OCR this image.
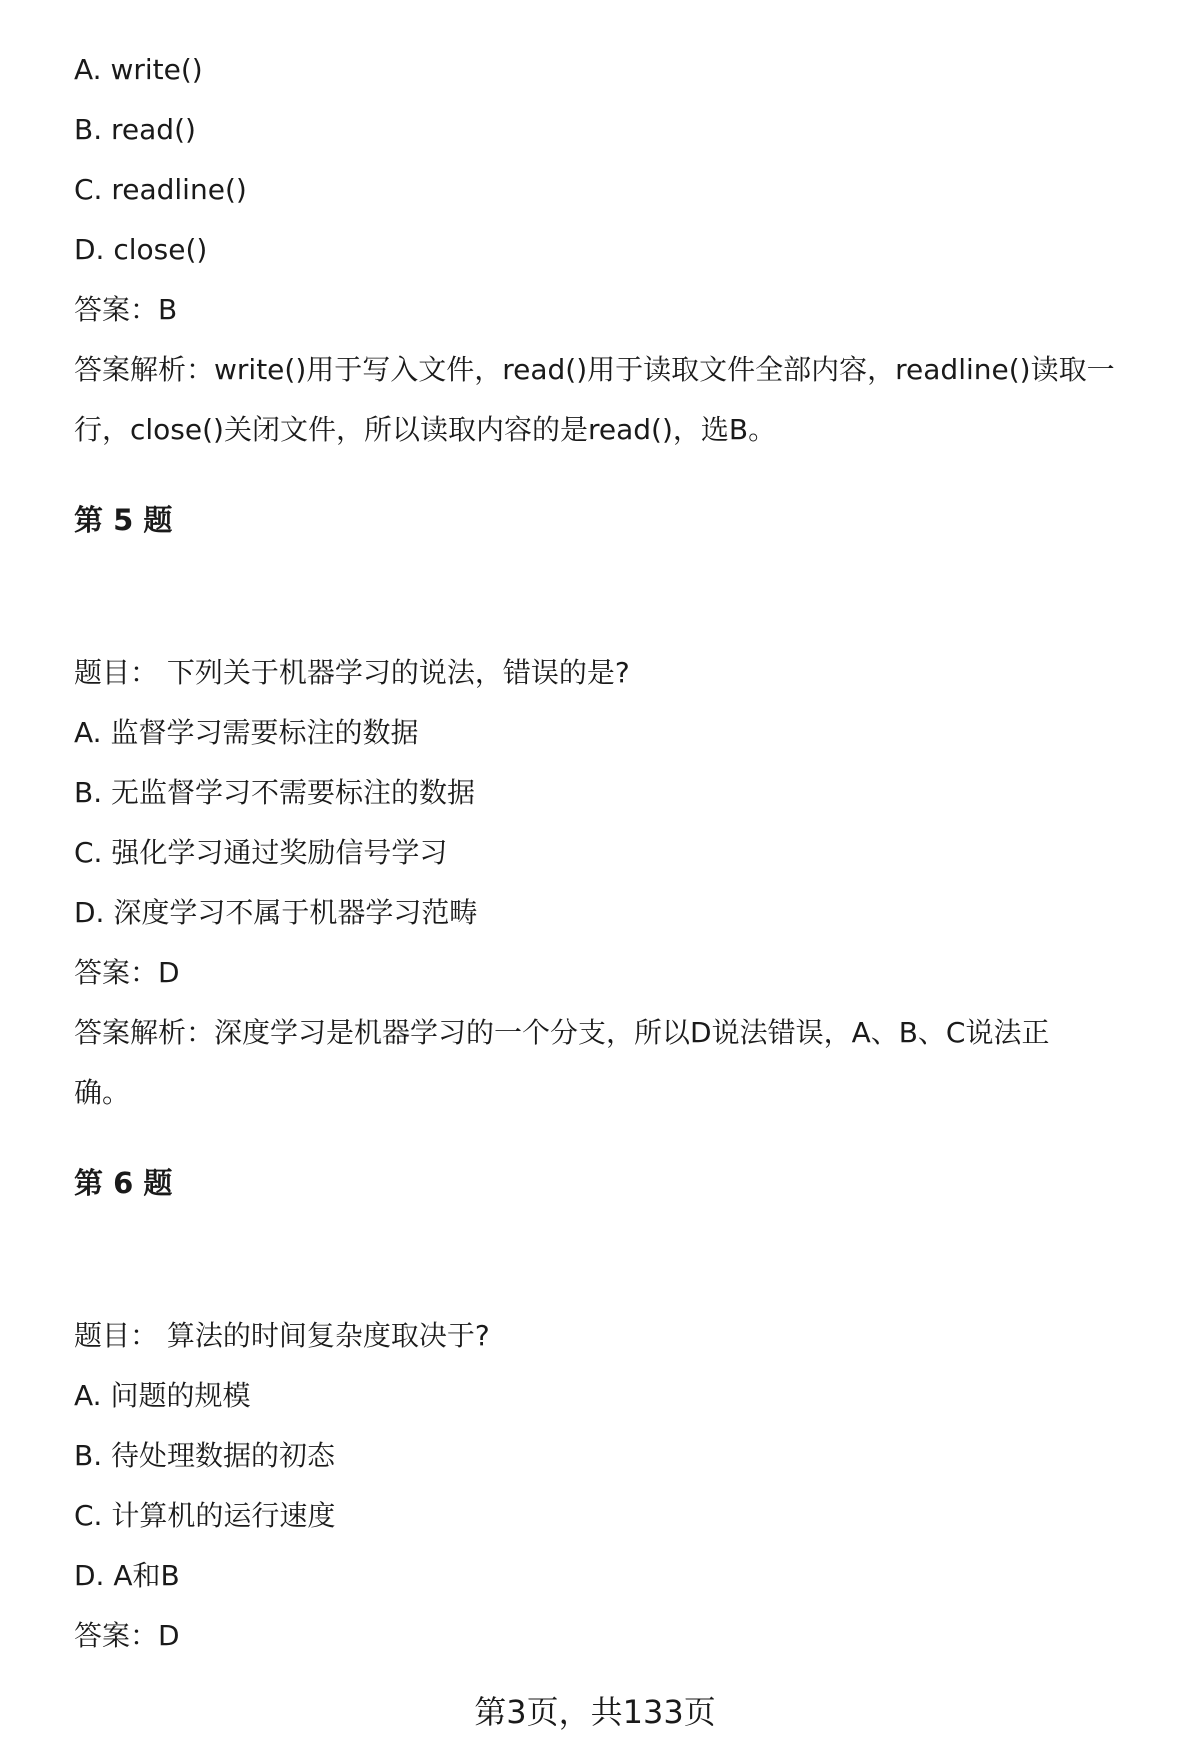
A. write()
B. read()
C. readline()
D. close()
答案：B
答案解析：write()用于写入文件，read()用于读取文件全部内容，readline()读取一
行，close()关闭文件，所以读取内容的是read()，选B。
第 5 题
题目： 下列关于机器学习的说法，错误的是?
A. 监督学习需要标注的数据
B. 无监督学习不需要标注的数据
C. 强化学习通过奖励信号学习
D. 深度学习不属于机器学习范畴
答案：D
答案解析：深度学习是机器学习的一个分支，所以D说法错误，A、B、C说法正
确。
第 6 题
题目： 算法的时间复杂度取决于?
A. 问题的规模
B. 待处理数据的初态
C. 计算机的运行速度
D. A和B
答案：D
第3页，共133页
